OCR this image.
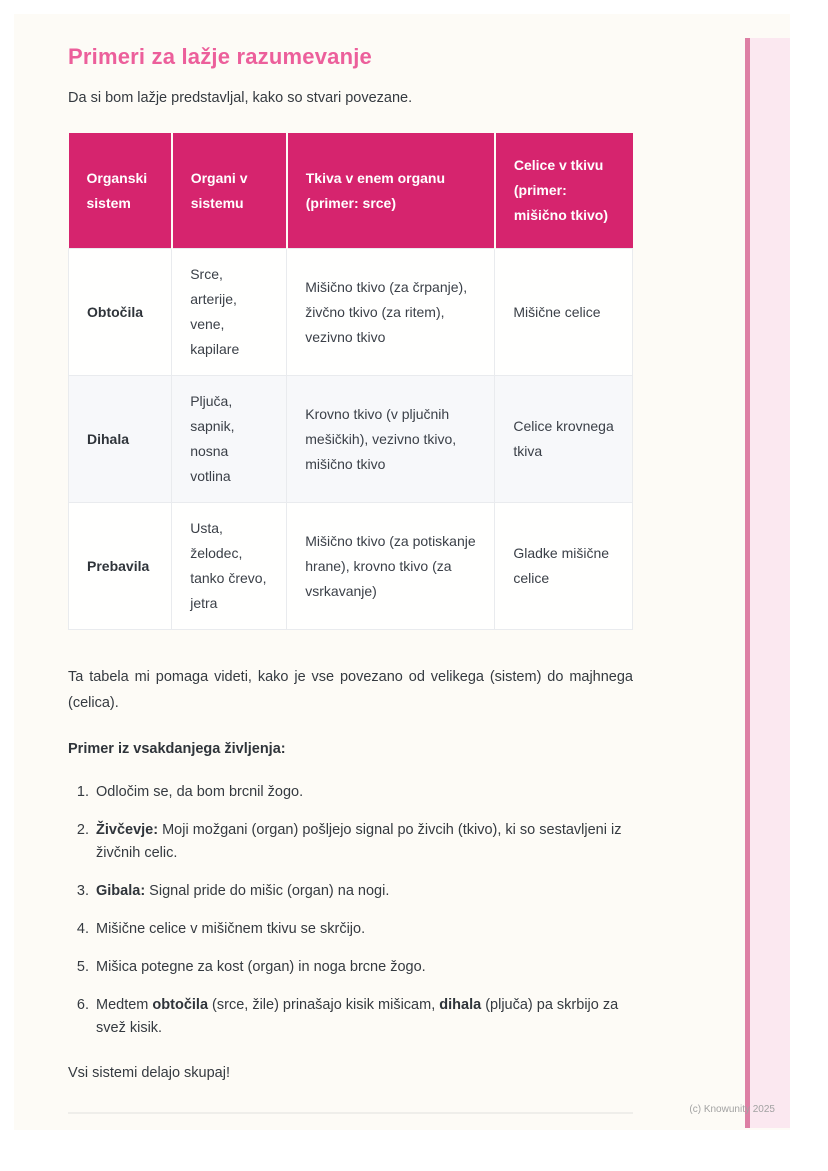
Primeri za lažje razumevanje

Da si bom lažje predstavljal, kako so stvari povezane.

Organski sistem	Organi v sistemu	Tkiva v enem organu (primer: srce)	Celice v tkivu (primer: mišično tkivo)
Obtočila	Srce, arterije, vene, kapilare	Mišično tkivo (za črpanje), živčno tkivo (za ritem), vezivno tkivo	Mišične celice
Dihala	Pljuča, sapnik, nosna votlina	Krovno tkivo (v pljučnih mešičkih), vezivno tkivo, mišično tkivo	Celice krovnega tkiva
Prebavila	Usta, želodec, tanko črevo, jetra	Mišično tkivo (za potiskanje hrane), krovno tkivo (za vsrkavanje)	Gladke mišične celice

Ta tabela mi pomaga videti, kako je vse povezano od velikega (sistem) do majhnega (celica).

Primer iz vsakdanjega življenja:

1. Odločim se, da bom brcnil žogo.
2. Živčevje: Moji možgani (organ) pošljejo signal po živcih (tkivo), ki so sestavljeni iz živčnih celic.
3. Gibala: Signal pride do mišic (organ) na nogi.
4. Mišične celice v mišičnem tkivu se skrčijo.
5. Mišica potegne za kost (organ) in noga brcne žogo.
6. Medtem obtočila (srce, žile) prinašajo kisik mišicam, dihala (pljuča) pa skrbijo za svež kisik.

Vsi sistemi delajo skupaj!

(c) Knowunity 2025
